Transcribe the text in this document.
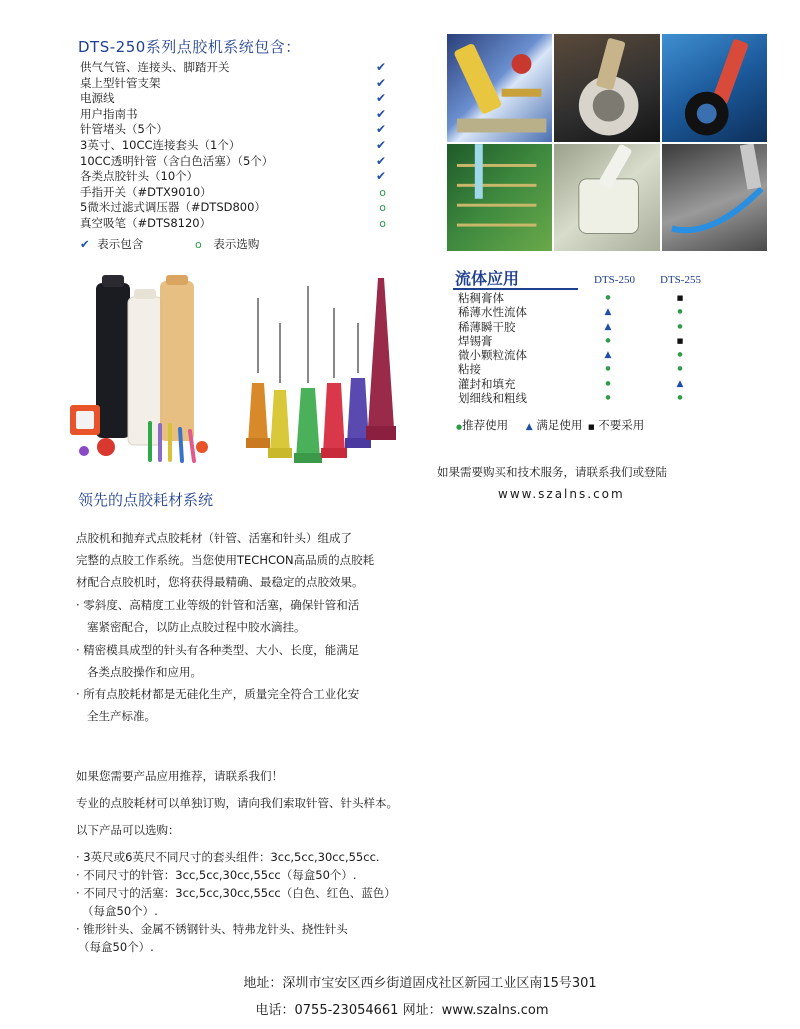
DTS-250系列点胶机系统包含：
供气气管、连接头、脚踏开关	✔
桌上型针管支架	✔
电源线	✔
用户指南书	✔
针管堵头（5个）	✔
3英寸、10CC连接套头（1个）	✔
10CC透明针管（含白色活塞）（5个）	✔
各类点胶针头（10个）	✔
手指开关（#DTX9010）	o
5微米过滤式调压器（#DTSD800）	o
真空吸笔（#DTS8120）	o
✔ 表示包含	o 表示选购
流体应用	DTS-250 DTS-255
粘稠膏体	●	■
稀薄水性流体	▲	●
稀薄瞬干胶	▲	●
焊锡膏	●	■
微小颗粒流体	▲	●
粘接	●	●
灌封和填充	●	▲
划细线和粗线	●	●
●推荐使用 ▲ 满足使用 ■ 不要采用
如果需要购买和技术服务，请联系我们或登陆
www.szalns.com
领先的点胶耗材系统
点胶机和抛弃式点胶耗材（针管、活塞和针头）组成了
完整的点胶工作系统。当您使用TECHCON高品质的点胶耗
材配合点胶机时，您将获得最精确、最稳定的点胶效果。
· 零斜度、高精度工业等级的针管和活塞，确保针管和活
塞紧密配合，以防止点胶过程中胶水滴挂。
· 精密模具成型的针头有各种类型、大小、长度，能满足
各类点胶操作和应用。
· 所有点胶耗材都是无硅化生产，质量完全符合工业化安
全生产标准。
如果您需要产品应用推荐，请联系我们！
专业的点胶耗材可以单独订购，请向我们索取针管、针头样本。
以下产品可以选购：
· 3英尺或6英尺不同尺寸的套头组件：3cc,5cc,30cc,55cc.
· 不同尺寸的针管：3cc,5cc,30cc,55cc（每盒50个）.
· 不同尺寸的活塞：3cc,5cc,30cc,55cc（白色、红色、蓝色）
（每盒50个）.
· 锥形针头、金属不锈钢针头、特弗龙针头、挠性针头
（每盒50个）.
地址：深圳市宝安区西乡街道固戍社区新园工业区南15号301
电话：0755-23054661 网址：www.szalns.com
